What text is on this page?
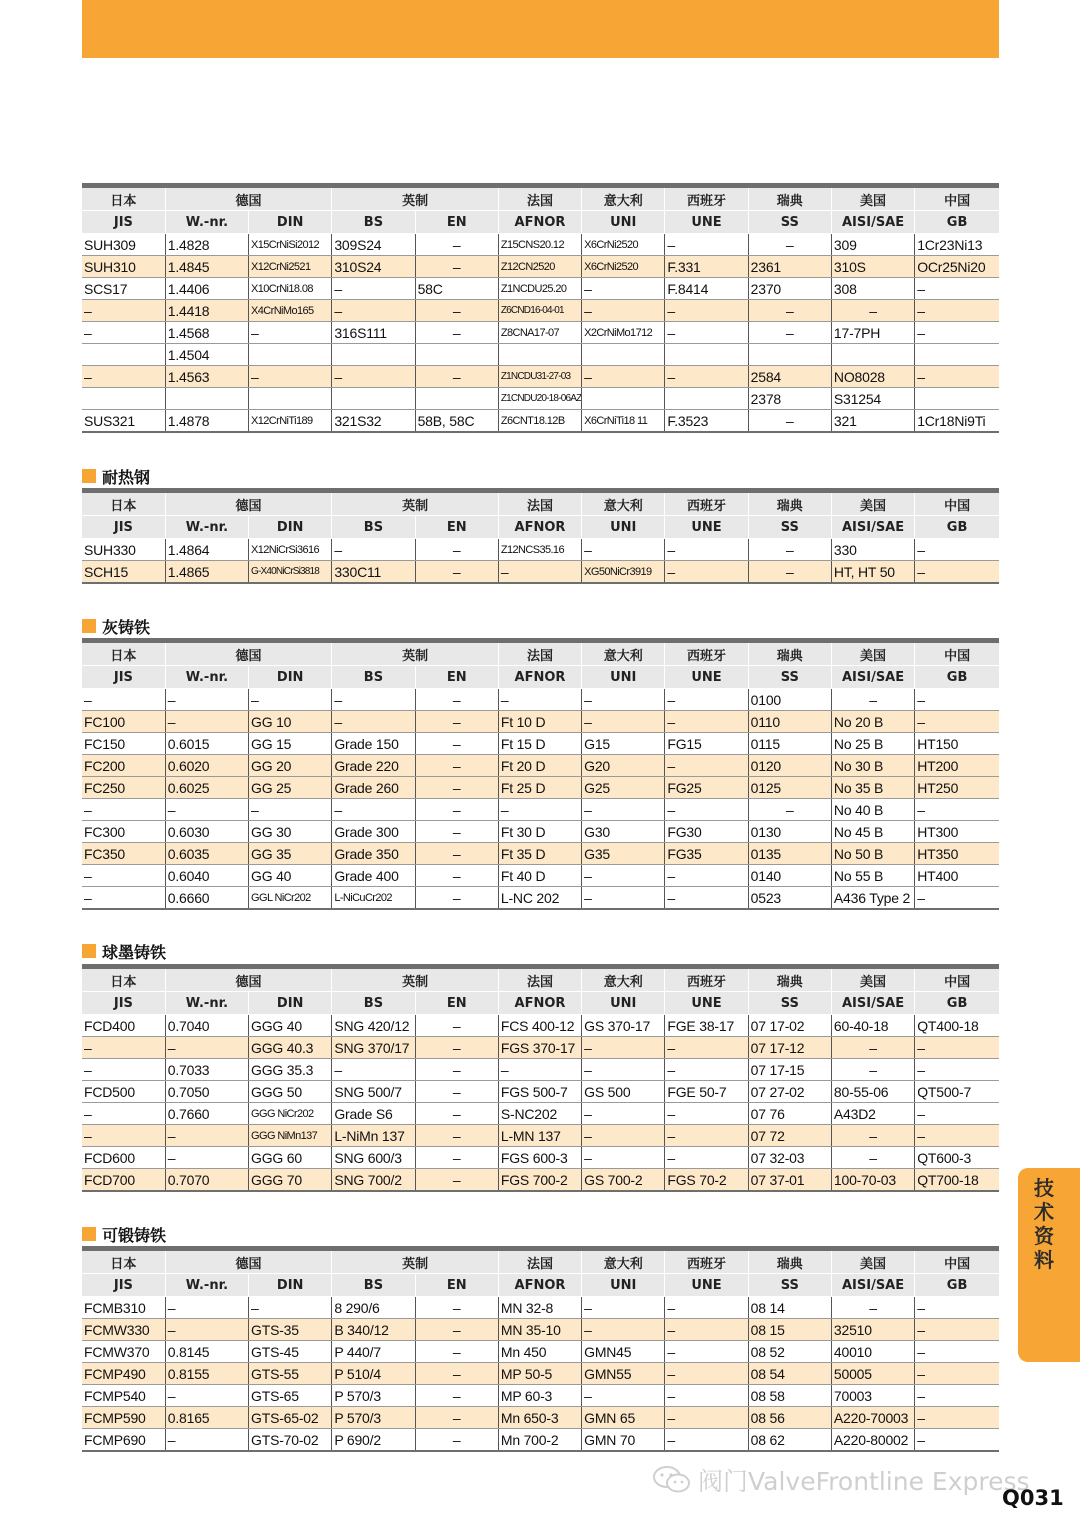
日本	德国		英制		法国	意大利	西班牙	瑞典	美国	中国
JIS	W.-nr.	DIN	BS	EN	AFNOR	UNI	UNE	SS	AISI/SAE	GB
SUH309	1.4828	X15CrNiSi2012	309S24	–	Z15CNS20.12	X6CrNi2520	–	–	309	1Cr23Ni13
SUH310	1.4845	X12CrNi2521	310S24	–	Z12CN2520	X6CrNi2520	F.331	2361	310S	OCr25Ni20
SCS17	1.4406	X10CrNi18.08	–	58C	Z1NCDU25.20	–	F.8414	2370	308	–
–	1.4418	X4CrNiMo165	–	–	Z6CND16-04-01	–	–	–	–	–
–	1.4568	–	316S111	–	Z8CNA17-07	X2CrNiMo1712	–	–	17-7PH	–
	1.4504									
–	1.4563	–	–	–	Z1NCDU31-27-03	–	–	2584	NO8028	–
					Z1CNDU20-18-06AZ			2378	S31254	
SUS321	1.4878	X12CrNiTi189	321S32	58B, 58C	Z6CNT18.12B	X6CrNiTi18 11	F.3523	–	321	1Cr18Ni9Ti
耐热钢
日本	德国		英制		法国	意大利	西班牙	瑞典	美国	中国
JIS	W.-nr.	DIN	BS	EN	AFNOR	UNI	UNE	SS	AISI/SAE	GB
SUH330	1.4864	X12NiCrSi3616	–	–	Z12NCS35.16	–	–	–	330	–
SCH15	1.4865	G-X40NiCrSi3818	330C11	–	–	XG50NiCr3919	–	–	HT, HT 50	–
灰铸铁
日本	德国		英制		法国	意大利	西班牙	瑞典	美国	中国
JIS	W.-nr.	DIN	BS	EN	AFNOR	UNI	UNE	SS	AISI/SAE	GB
–	–	–	–	–	–	–	–	0100	–	–
FC100	–	GG 10	–	–	Ft 10 D	–	–	0110	No 20 B	–
FC150	0.6015	GG 15	Grade 150	–	Ft 15 D	G15	FG15	0115	No 25 B	HT150
FC200	0.6020	GG 20	Grade 220	–	Ft 20 D	G20	–	0120	No 30 B	HT200
FC250	0.6025	GG 25	Grade 260	–	Ft 25 D	G25	FG25	0125	No 35 B	HT250
–	–	–	–	–	–	–	–	–	No 40 B	–
FC300	0.6030	GG 30	Grade 300	–	Ft 30 D	G30	FG30	0130	No 45 B	HT300
FC350	0.6035	GG 35	Grade 350	–	Ft 35 D	G35	FG35	0135	No 50 B	HT350
–	0.6040	GG 40	Grade 400	–	Ft 40 D	–	–	0140	No 55 B	HT400
–	0.6660	GGL NiCr202	L-NiCuCr202	–	L-NC 202	–	–	0523	A436 Type 2	–
球墨铸铁
日本	德国		英制		法国	意大利	西班牙	瑞典	美国	中国
JIS	W.-nr.	DIN	BS	EN	AFNOR	UNI	UNE	SS	AISI/SAE	GB
FCD400	0.7040	GGG 40	SNG 420/12	–	FCS 400-12	GS 370-17	FGE 38-17	07 17-02	60-40-18	QT400-18
–	–	GGG 40.3	SNG 370/17	–	FGS 370-17	–	–	07 17-12	–	–
–	0.7033	GGG 35.3	–	–	–	–	–	07 17-15	–	–
FCD500	0.7050	GGG 50	SNG 500/7	–	FGS 500-7	GS 500	FGE 50-7	07 27-02	80-55-06	QT500-7
–	0.7660	GGG NiCr202	Grade S6	–	S-NC202	–	–	07 76	A43D2	–
–	–	GGG NiMn137	L-NiMn 137	–	L-MN 137	–	–	07 72	–	–
FCD600	–	GGG 60	SNG 600/3	–	FGS 600-3	–	–	07 32-03	–	QT600-3
FCD700	0.7070	GGG 70	SNG 700/2	–	FGS 700-2	GS 700-2	FGS 70-2	07 37-01	100-70-03	QT700-18
可锻铸铁
日本	德国		英制		法国	意大利	西班牙	瑞典	美国	中国
JIS	W.-nr.	DIN	BS	EN	AFNOR	UNI	UNE	SS	AISI/SAE	GB
FCMB310	–	–	8 290/6	–	MN 32-8	–	–	08 14	–	–
FCMW330	–	GTS-35	B 340/12	–	MN 35-10	–	–	08 15	32510	–
FCMW370	0.8145	GTS-45	P 440/7	–	Mn 450	GMN45	–	08 52	40010	–
FCMP490	0.8155	GTS-55	P 510/4	–	MP 50-5	GMN55	–	08 54	50005	–
FCMP540	–	GTS-65	P 570/3	–	MP 60-3	–	–	08 58	70003	–
FCMP590	0.8165	GTS-65-02	P 570/3	–	Mn 650-3	GMN 65	–	08 56	A220-70003	–
FCMP690	–	GTS-70-02	P 690/2	–	Mn 700-2	GMN 70	–	08 62	A220-80002	–
技术资料
阀门ValveFrontline Express
Q031
